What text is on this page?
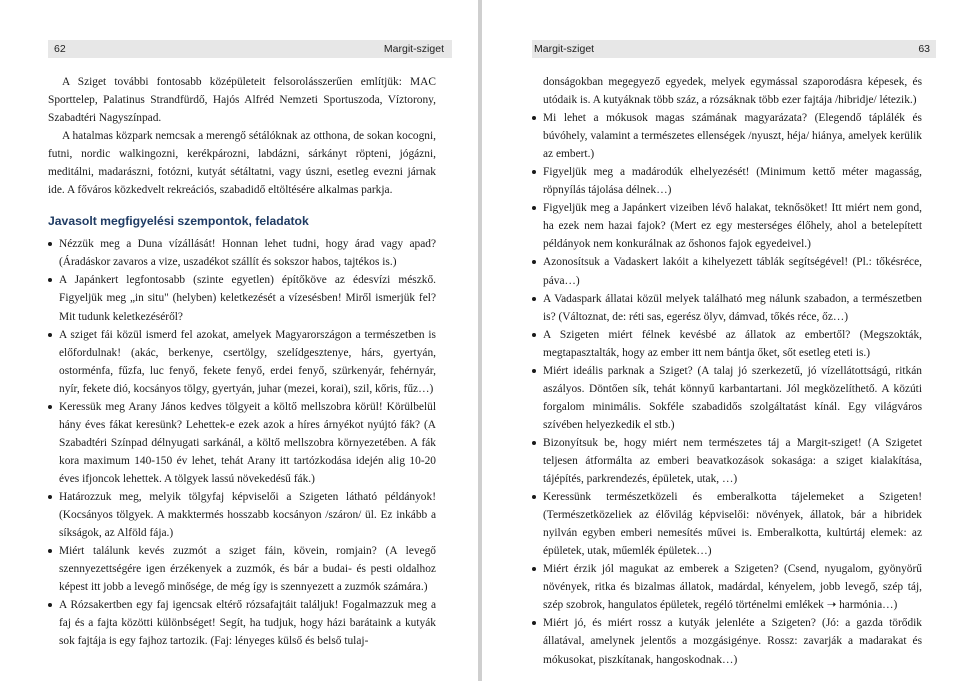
62	Margit-sziget

A Sziget további fontosabb középületeit felsorolásszerűen említjük: MAC Sporttelep, Palatinus Strandfürdő, Hajós Alfréd Nemzeti Sportuszoda, Víztorony, Szabadtéri Nagyszínpad.

A hatalmas közpark nemcsak a merengő sétálóknak az otthona, de sokan kocogni, futni, nordic walkingozni, kerékpározni, labdázni, sárkányt röpteni, jógázni, meditálni, madarászni, fotózni, kutyát sétáltatni, vagy úszni, esetleg evezni járnak ide. A főváros közkedvelt rekreációs, szabadidő eltöltésére alkalmas parkja.

Javasolt megfigyelési szempontok, feladatok
Nézzük meg a Duna vízállását! Honnan lehet tudni, hogy árad vagy apad? (Áradáskor zavaros a vize, uszadékot szállít és sokszor habos, tajtékos is.)
A Japánkert legfontosabb (szinte egyetlen) építőköve az édesvízi mészkő. Figyeljük meg „in situ" (helyben) keletkezését a vízesésben! Miről ismerjük fel? Mit tudunk keletkezéséről?
A sziget fái közül ismerd fel azokat, amelyek Magyarországon a természetben is előfordulnak! (akác, berkenye, csertölgy, szelídgesztenye, hárs, gyertyán, ostorménfa, fűzfa, luc fenyő, fekete fenyő, erdei fenyő, szürkenyár, fehérnyár, nyír, fekete dió, kocsányos tölgy, gyertyán, juhar (mezei, korai), szil, kőris, fűz…)
Keressük meg Arany János kedves tölgyeit a költő mellszobra körül! Körülbelül hány éves fákat keresünk? Lehettek-e ezek azok a híres árnyékot nyújtó fák? (A Szabadtéri Színpad délnyugati sarkánál, a költő mellszobra környezetében. A fák kora maximum 140-150 év lehet, tehát Arany itt tartózkodása idején alig 10-20 éves ifjoncok lehettek. A tölgyek lassú növekedésű fák.)
Határozzuk meg, melyik tölgyfaj képviselői a Szigeten látható példányok! (Kocsányos tölgyek. A makktermés hosszabb kocsányon /száron/ ül. Ez inkább a síkságok, az Alföld fája.)
Miért találunk kevés zuzmót a sziget fáin, kövein, romjain? (A levegő szennyezettségére igen érzékenyek a zuzmók, és bár a budai- és pesti oldalhoz képest itt jobb a levegő minősége, de még így is szennyezett a zuzmók számára.)
A Rózsakertben egy faj igencsak eltérő rózsafajtáit találjuk! Fogalmazzuk meg a faj és a fajta közötti különbséget! Segít, ha tudjuk, hogy házi barátaink a kutyák sok fajtája is egy fajhoz tartozik. (Faj: lényeges külső és belső tulaj-
Margit-sziget	63
donságokban megegyező egyedek, melyek egymással szaporodásra képesek, és utódaik is. A kutyáknak több száz, a rózsáknak több ezer fajtája /hibridje/ létezik.)
Mi lehet a mókusok magas számának magyarázata? (Elegendő táplálék és búvóhely, valamint a természetes ellenségek /nyuszt, héja/ hiánya, amelyek kerülik az embert.)
Figyeljük meg a madárodúk elhelyezését! (Minimum kettő méter magasság, röpnyílás tájolása délnek…)
Figyeljük meg a Japánkert vizeiben lévő halakat, teknősöket! Itt miért nem gond, ha ezek nem hazai fajok? (Mert ez egy mesterséges élőhely, ahol a betelepített példányok nem konkurálnak az őshonos fajok egyedeivel.)
Azonosítsuk a Vadaskert lakóit a kihelyezett táblák segítségével! (Pl.: tőkésréce, páva…)
A Vadaspark állatai közül melyek található meg nálunk szabadon, a természetben is? (Változnat, de: réti sas, egerész ölyv, dámvad, tőkés réce, őz…)
A Szigeten miért félnek kevésbé az állatok az embertől? (Megszokták, megtapasztalták, hogy az ember itt nem bántja őket, sőt esetleg eteti is.)
Miért ideális parknak a Sziget? (A talaj jó szerkezetű, jó vízellátottságú, ritkán aszályos. Döntően sík, tehát könnyű karbantartani. Jól megközelíthető. A közúti forgalom minimális. Sokféle szabadidős szolgáltatást kínál. Egy világváros szívében helyezkedik el stb.)
Bizonyítsuk be, hogy miért nem természetes táj a Margit-sziget! (A Szigetet teljesen átformálta az emberi beavatkozások sokasága: a sziget kialakítása, tájépítés, parkrendezés, épületek, utak, …)
Keressünk természetközeli és emberalkotta tájelemeket a Szigeten! (Természetközeliek az élővilág képviselői: növények, állatok, bár a hibridek nyilván egyben emberi nemesítés művei is. Emberalkotta, kultúrtáj elemek: az épületek, utak, műemlék épületek…)
Miért érzik jól magukat az emberek a Szigeten? (Csend, nyugalom, gyönyörű növények, ritka és bizalmas állatok, madárdal, kényelem, jobb levegő, szép táj, szép szobrok, hangulatos épületek, regéló történelmi emlékek ➝ harmónia…)
Miért jó, és miért rossz a kutyák jelenléte a Szigeten? (Jó: a gazda törődik állatával, amelynek jelentős a mozgásigénye. Rossz: zavarják a madarakat és mókusokat, piszkítanak, hangoskodnak…)
